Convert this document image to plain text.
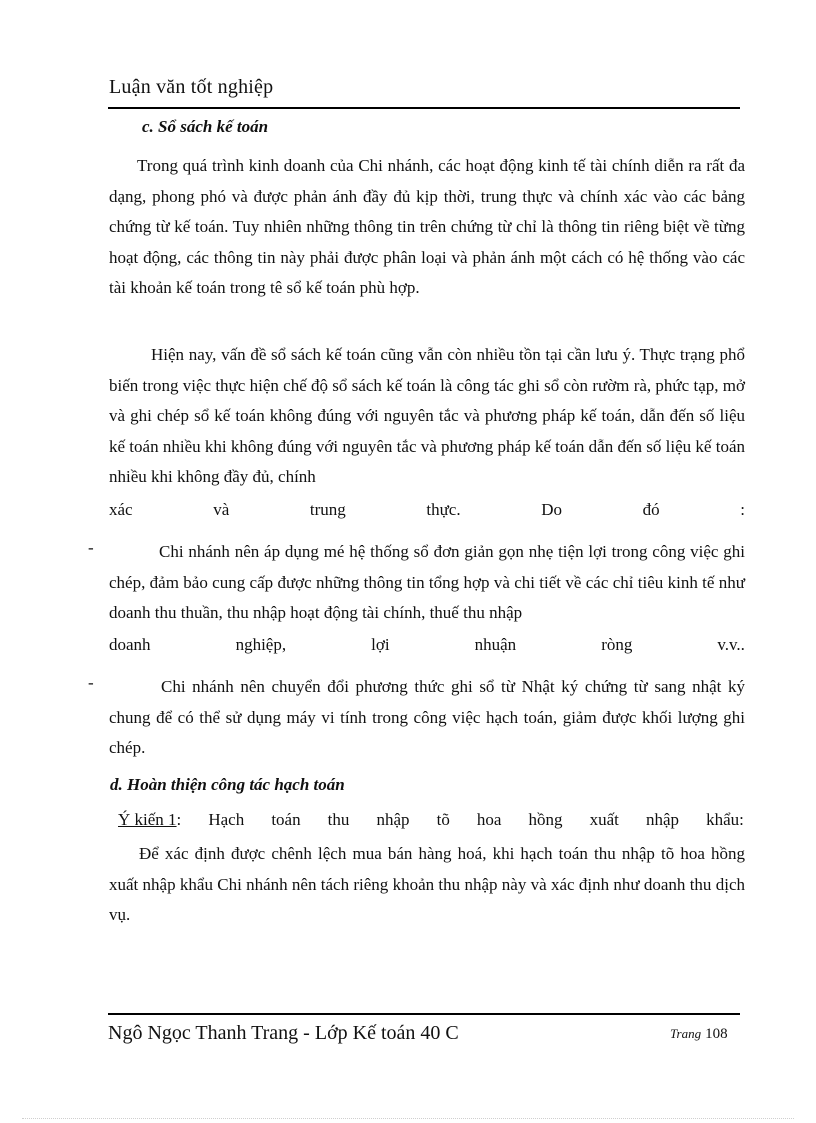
Luận văn tốt nghiệp
c. Sổ sách kế toán
Trong quá trình kinh doanh của Chi nhánh, các hoạt động kinh tế tài chính diễn ra rất đa dạng, phong phó và được phản ánh đầy đủ kịp thời, trung thực và chính xác vào các bảng chứng từ kế toán. Tuy nhiên những thông tin trên chứng từ chỉ là thông tin riêng biệt về từng hoạt động, các thông tin này phải được phân loại và phản ánh một cách có hệ thống vào các tài khoản kế toán trong tê sổ kế toán phù hợp.
Hiện nay, vấn đề sổ sách kế toán cũng vẫn còn nhiều tồn tại cần lưu ý. Thực trạng phổ biến trong việc thực hiện chế độ sổ sách kế toán là công tác ghi sổ còn rườm rà, phức tạp, mở và ghi chép sổ kế toán không đúng với nguyên tắc và phương pháp kế toán, dẫn đến số liệu kế toán nhiều khi không đúng với nguyên tắc và phương pháp kế toán dẫn đến số liệu kế toán nhiều khi không đầy đủ, chính
xác	và	trung	thực.	Do	đó	:
-	Chi nhánh nên áp dụng mé hệ thống sổ đơn giản gọn nhẹ tiện lợi trong công việc ghi chép, đảm bảo cung cấp được những thông tin tổng hợp và chi tiết về các chỉ tiêu kinh tế như doanh thu thuần, thu nhập hoạt động tài chính, thuế thu nhập
doanh	nghiệp,	lợi	nhuận	ròng	v.v..
-	Chi nhánh nên chuyển đổi phương thức ghi sổ từ Nhật ký chứng từ sang nhật ký chung để có thể sử dụng máy vi tính trong công việc hạch toán, giảm được khối lượng ghi chép.
d. Hoàn thiện công tác hạch toán
Ý kiến 1: Hạch toán thu nhập tõ hoa hồng xuất nhập khẩu:
Để xác định được chênh lệch mua bán hàng hoá, khi hạch toán thu nhập tõ hoa hồng xuất nhập khẩu Chi nhánh nên tách riêng khoản thu nhập này và xác định như doanh thu dịch vụ.
Ngô Ngọc Thanh Trang - Lớp Kế toán 40 C	Trang 108
